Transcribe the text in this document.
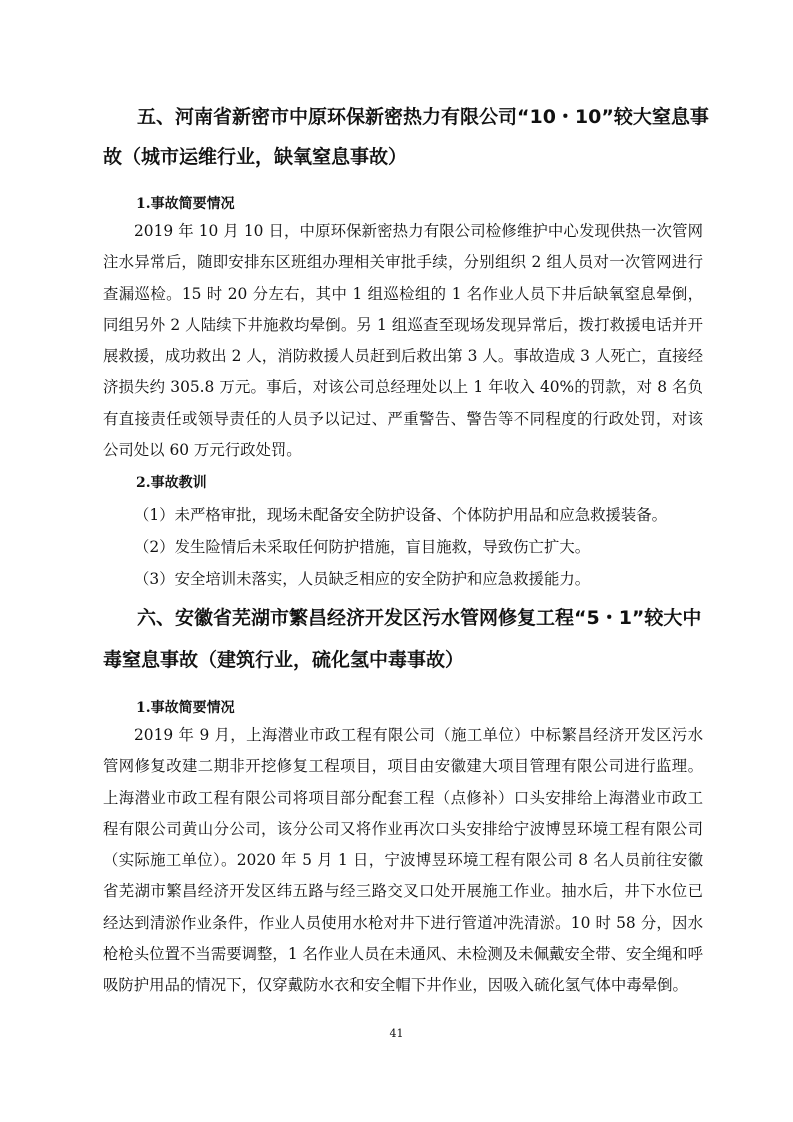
五、河南省新密市中原环保新密热力有限公司“10・10”较大窒息事
故（城市运维行业，缺氧窒息事故）
1.事故简要情况

2019 年 10 月 10 日，中原环保新密热力有限公司检修维护中心发现供热一次管网注水异常后，随即安排东区班组办理相关审批手续，分别组织 2 组人员对一次管网进行查漏巡检。15 时 20 分左右，其中 1 组巡检组的 1 名作业人员下井后缺氧窒息晕倒，同组另外 2 人陆续下井施救均晕倒。另 1 组巡查至现场发现异常后，拨打救援电话并开展救援，成功救出 2 人，消防救援人员赶到后救出第 3 人。事故造成 3 人死亡，直接经济损失约 305.8 万元。事后，对该公司总经理处以上 1 年收入 40%的罚款，对 8 名负有直接责任或领导责任的人员予以记过、严重警告、警告等不同程度的行政处罚，对该公司处以 60 万元行政处罚。

2.事故教训

（1）未严格审批，现场未配备安全防护设备、个体防护用品和应急救援装备。

（2）发生险情后未采取任何防护措施，盲目施救，导致伤亡扩大。

（3）安全培训未落实，人员缺乏相应的安全防护和应急救援能力。

六、安徽省芜湖市繁昌经济开发区污水管网修复工程“5・1”较大中
毒窒息事故（建筑行业，硫化氢中毒事故）
1.事故简要情况

2019 年 9 月，上海潜业市政工程有限公司（施工单位）中标繁昌经济开发区污水管网修复改建二期非开挖修复工程项目，项目由安徽建大项目管理有限公司进行监理。上海潜业市政工程有限公司将项目部分配套工程（点修补）口头安排给上海潜业市政工程有限公司黄山分公司，该分公司又将作业再次口头安排给宁波博昱环境工程有限公司（实际施工单位）。2020 年 5 月 1 日，宁波博昱环境工程有限公司 8 名人员前往安徽省芜湖市繁昌经济开发区纬五路与经三路交叉口处开展施工作业。抽水后，井下水位已经达到清淤作业条件，作业人员使用水枪对井下进行管道冲洗清淤。10 时 58 分，因水枪枪头位置不当需要调整，1 名作业人员在未通风、未检测及未佩戴安全带、安全绳和呼吸防护用品的情况下，仅穿戴防水衣和安全帽下井作业，因吸入硫化氢气体中毒晕倒。

41
